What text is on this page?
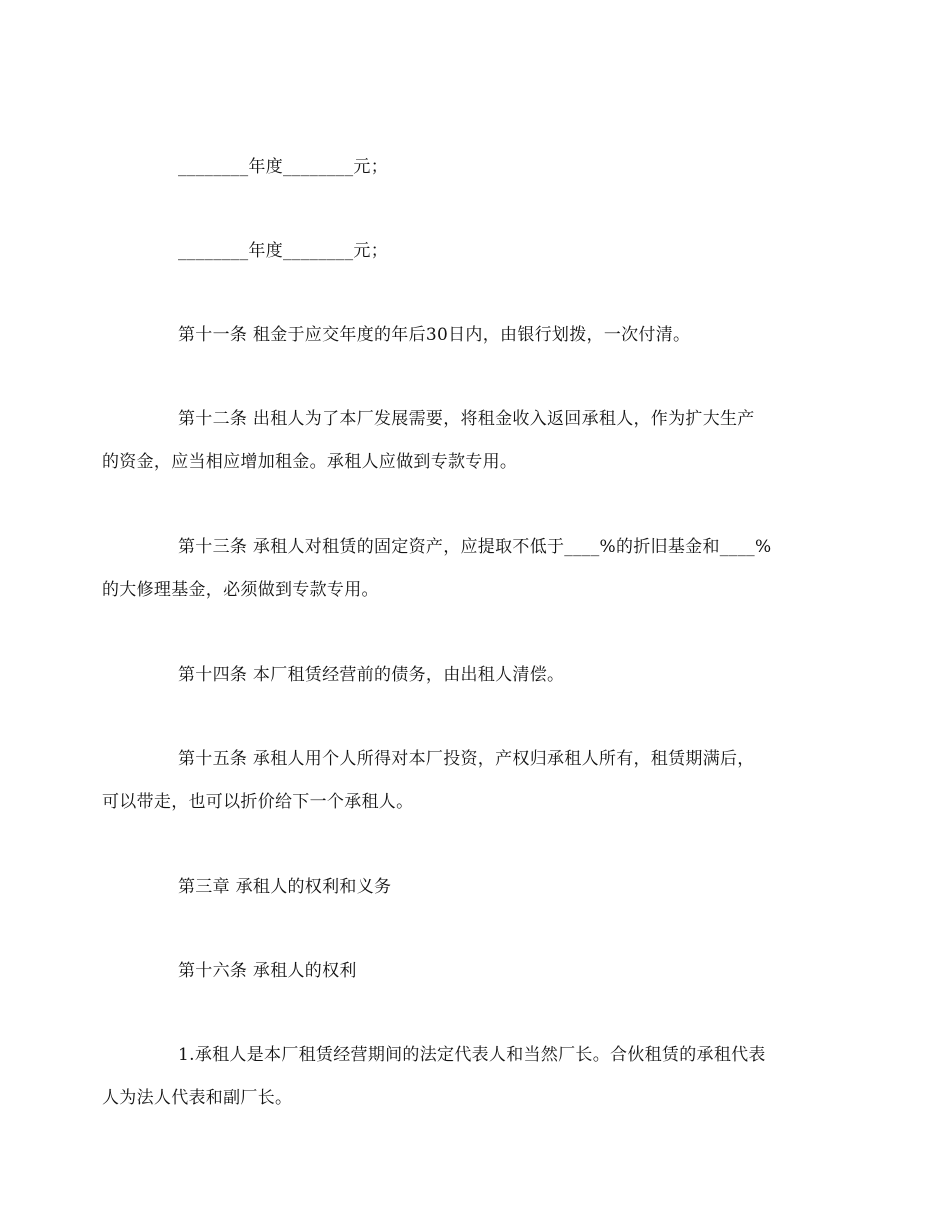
________年度________元；
________年度________元；
第十一条 租金于应交年度的年后30日内，由银行划拨，一次付清。
第十二条 出租人为了本厂发展需要，将租金收入返回承租人，作为扩大生产
的资金，应当相应增加租金。承租人应做到专款专用。
第十三条 承租人对租赁的固定资产，应提取不低于____%的折旧基金和____%
的大修理基金，必须做到专款专用。
第十四条 本厂租赁经营前的债务，由出租人清偿。
第十五条 承租人用个人所得对本厂投资，产权归承租人所有，租赁期满后，
可以带走，也可以折价给下一个承租人。
第三章 承租人的权利和义务
第十六条 承租人的权利
1.承租人是本厂租赁经营期间的法定代表人和当然厂长。合伙租赁的承租代表
人为法人代表和副厂长。
